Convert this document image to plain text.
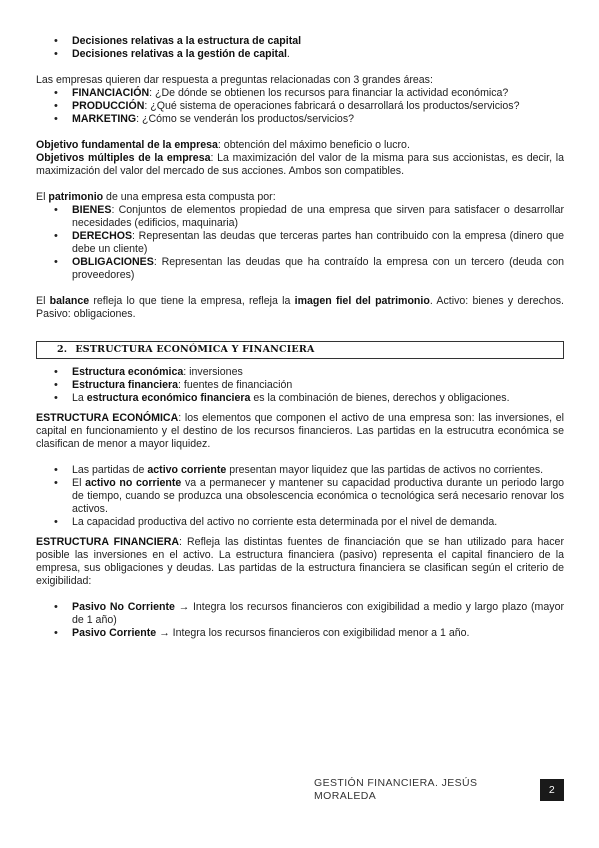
• Decisiones relativas a la estructura de capital
• Decisiones relativas a la gestión de capital.

Las empresas quieren dar respuesta a preguntas relacionadas con 3 grandes áreas:

• FINANCIACIÓN: ¿De dónde se obtienen los recursos para financiar la actividad económica?
• PRODUCCIÓN: ¿Qué sistema de operaciones fabricará o desarrollará los productos/servicios?
• MARKETING: ¿Cómo se venderán los productos/servicios?

Objetivo fundamental de la empresa: obtención del máximo beneficio o lucro.

Objetivos múltiples de la empresa: La maximización del valor de la misma para sus accionistas, es decir, la maximización del valor del mercado de sus acciones. Ambos son compatibles.

El patrimonio de una empresa esta compusta por:

• BIENES: Conjuntos de elementos propiedad de una empresa que sirven para satisfacer o desarrollar necesidades (edificios, maquinaria)
• DERECHOS: Representan las deudas que terceras partes han contribuido con la empresa (dinero que debe un cliente)
• OBLIGACIONES: Representan las deudas que ha contraído la empresa con un tercero (deuda con proveedores)

El balance refleja lo que tiene la empresa, refleja la imagen fiel del patrimonio. Activo: bienes y derechos. Pasivo: obligaciones.

2. ESTRUCTURA ECONÓMICA Y FINANCIERA
• Estructura económica: inversiones
• Estructura financiera: fuentes de financiación
• La estructura económico financiera es la combinación de bienes, derechos y obligaciones.

ESTRUCTURA ECONÓMICA: los elementos que componen el activo de una empresa son: las inversiones, el capital en funcionamiento y el destino de los recursos financieros. Las partidas en la estrucutra económica se clasifican de menor a mayor liquidez.

• Las partidas de activo corriente presentan mayor liquidez que las partidas de activos no corrientes.
• El activo no corriente va a permanecer y mantener su capacidad productiva durante un periodo largo de tiempo, cuando se produzca una obsolescencia económica o tecnológica será necesario renovar los activos.
• La capacidad productiva del activo no corriente esta determinada por el nivel de demanda.

ESTRUCTURA FINANCIERA: Refleja las distintas fuentes de financiación que se han utilizado para hacer posible las inversiones en el activo. La estructura financiera (pasivo) representa el capital financiero de la empresa, sus obligaciones y deudas. Las partidas de la estructura financiera se clasifican según el criterio de exigibilidad:

• Pasivo No Corriente → Integra los recursos financieros con exigibilidad a medio y largo plazo (mayor de 1 año)
• Pasivo Corriente → Integra los recursos financieros con exigibilidad menor a 1 año.
GESTIÓN FINANCIERA. JESÚS MORALEDA
2
